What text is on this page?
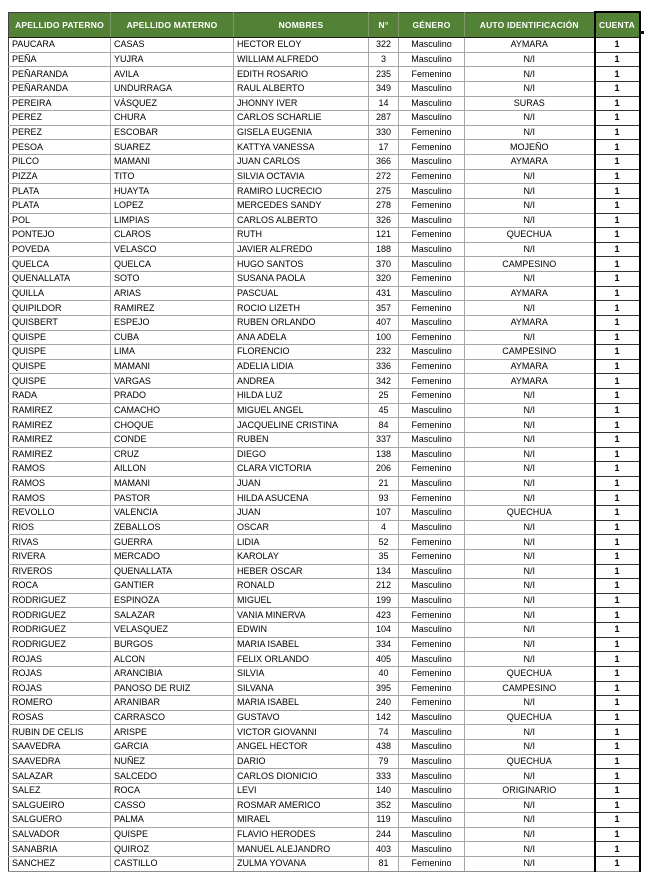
APELLIDO PATERNO	APELLIDO MATERNO	NOMBRES	N°	GÉNERO	AUTO IDENTIFICACIÓN	CUENTA
PAUCARA	CASAS	HECTOR ELOY	322	Masculino	AYMARA	1
PEÑA	YUJRA	WILLIAM ALFREDO	3	Masculino	N/I	1
PEÑARANDA	AVILA	EDITH ROSARIO	235	Femenino	N/I	1
PEÑARANDA	UNDURRAGA	RAUL ALBERTO	349	Masculino	N/I	1
PEREIRA	VÁSQUEZ	JHONNY IVER	14	Masculino	SURAS	1
PEREZ	CHURA	CARLOS SCHARLIE	287	Masculino	N/I	1
PEREZ	ESCOBAR	GISELA EUGENIA	330	Femenino	N/I	1
PESOA	SUAREZ	KATTYA VANESSA	17	Femenino	MOJEÑO	1
PILCO	MAMANI	JUAN CARLOS	366	Masculino	AYMARA	1
PIZZA	TITO	SILVIA OCTAVIA	272	Femenino	N/I	1
PLATA	HUAYTA	RAMIRO LUCRECIO	275	Masculino	N/I	1
PLATA	LOPEZ	MERCEDES SANDY	278	Femenino	N/I	1
POL	LIMPIAS	CARLOS ALBERTO	326	Masculino	N/I	1
PONTEJO	CLAROS	RUTH	121	Femenino	QUECHUA	1
POVEDA	VELASCO	JAVIER ALFREDO	188	Masculino	N/I	1
QUELCA	QUELCA	HUGO SANTOS	370	Masculino	CAMPESINO	1
QUENALLATA	SOTO	SUSANA PAOLA	320	Femenino	N/I	1
QUILLA	ARIAS	PASCUAL	431	Masculino	AYMARA	1
QUIPILDOR	RAMIREZ	ROCIO LIZETH	357	Femenino	N/I	1
QUISBERT	ESPEJO	RUBEN ORLANDO	407	Masculino	AYMARA	1
QUISPE	CUBA	ANA ADELA	100	Femenino	N/I	1
QUISPE	LIMA	FLORENCIO	232	Masculino	CAMPESINO	1
QUISPE	MAMANI	ADELIA LIDIA	336	Femenino	AYMARA	1
QUISPE	VARGAS	ANDREA	342	Femenino	AYMARA	1
RADA	PRADO	HILDA LUZ	25	Femenino	N/I	1
RAMIREZ	CAMACHO	MIGUEL ANGEL	45	Masculino	N/I	1
RAMIREZ	CHOQUE	JACQUELINE CRISTINA	84	Femenino	N/I	1
RAMIREZ	CONDE	RUBEN	337	Masculino	N/I	1
RAMIREZ	CRUZ	DIEGO	138	Masculino	N/I	1
RAMOS	AILLON	CLARA VICTORIA	206	Femenino	N/I	1
RAMOS	MAMANI	JUAN	21	Masculino	N/I	1
RAMOS	PASTOR	HILDA ASUCENA	93	Femenino	N/I	1
REVOLLO	VALENCIA	JUAN	107	Masculino	QUECHUA	1
RIOS	ZEBALLOS	OSCAR	4	Masculino	N/I	1
RIVAS	GUERRA	LIDIA	52	Femenino	N/I	1
RIVERA	MERCADO	KAROLAY	35	Femenino	N/I	1
RIVEROS	QUENALLATA	HEBER OSCAR	134	Masculino	N/I	1
ROCA	GANTIER	RONALD	212	Masculino	N/I	1
RODRIGUEZ	ESPINOZA	MIGUEL	199	Masculino	N/I	1
RODRIGUEZ	SALAZAR	VANIA MINERVA	423	Femenino	N/I	1
RODRIGUEZ	VELASQUEZ	EDWIN	104	Masculino	N/I	1
RODRIGUEZ	BURGOS	MARIA ISABEL	334	Femenino	N/I	1
ROJAS	ALCON	FELIX ORLANDO	405	Masculino	N/I	1
ROJAS	ARANCIBIA	SILVIA	40	Femenino	QUECHUA	1
ROJAS	PANOSO DE RUIZ	SILVANA	395	Femenino	CAMPESINO	1
ROMERO	ARANIBAR	MARIA ISABEL	240	Femenino	N/I	1
ROSAS	CARRASCO	GUSTAVO	142	Masculino	QUECHUA	1
RUBIN DE CELIS	ARISPE	VICTOR GIOVANNI	74	Masculino	N/I	1
SAAVEDRA	GARCIA	ANGEL HECTOR	438	Masculino	N/I	1
SAAVEDRA	NUÑEZ	DARIO	79	Masculino	QUECHUA	1
SALAZAR	SALCEDO	CARLOS DIONICIO	333	Masculino	N/I	1
SALEZ	ROCA	LEVI	140	Masculino	ORIGINARIO	1
SALGUEIRO	CASSO	ROSMAR AMERICO	352	Masculino	N/I	1
SALGUERO	PALMA	MIRAEL	119	Masculino	N/I	1
SALVADOR	QUISPE	FLAVIO HERODES	244	Masculino	N/I	1
SANABRIA	QUIROZ	MANUEL ALEJANDRO	403	Masculino	N/I	1
SANCHEZ	CASTILLO	ZULMA YOVANA	81	Femenino	N/I	1
